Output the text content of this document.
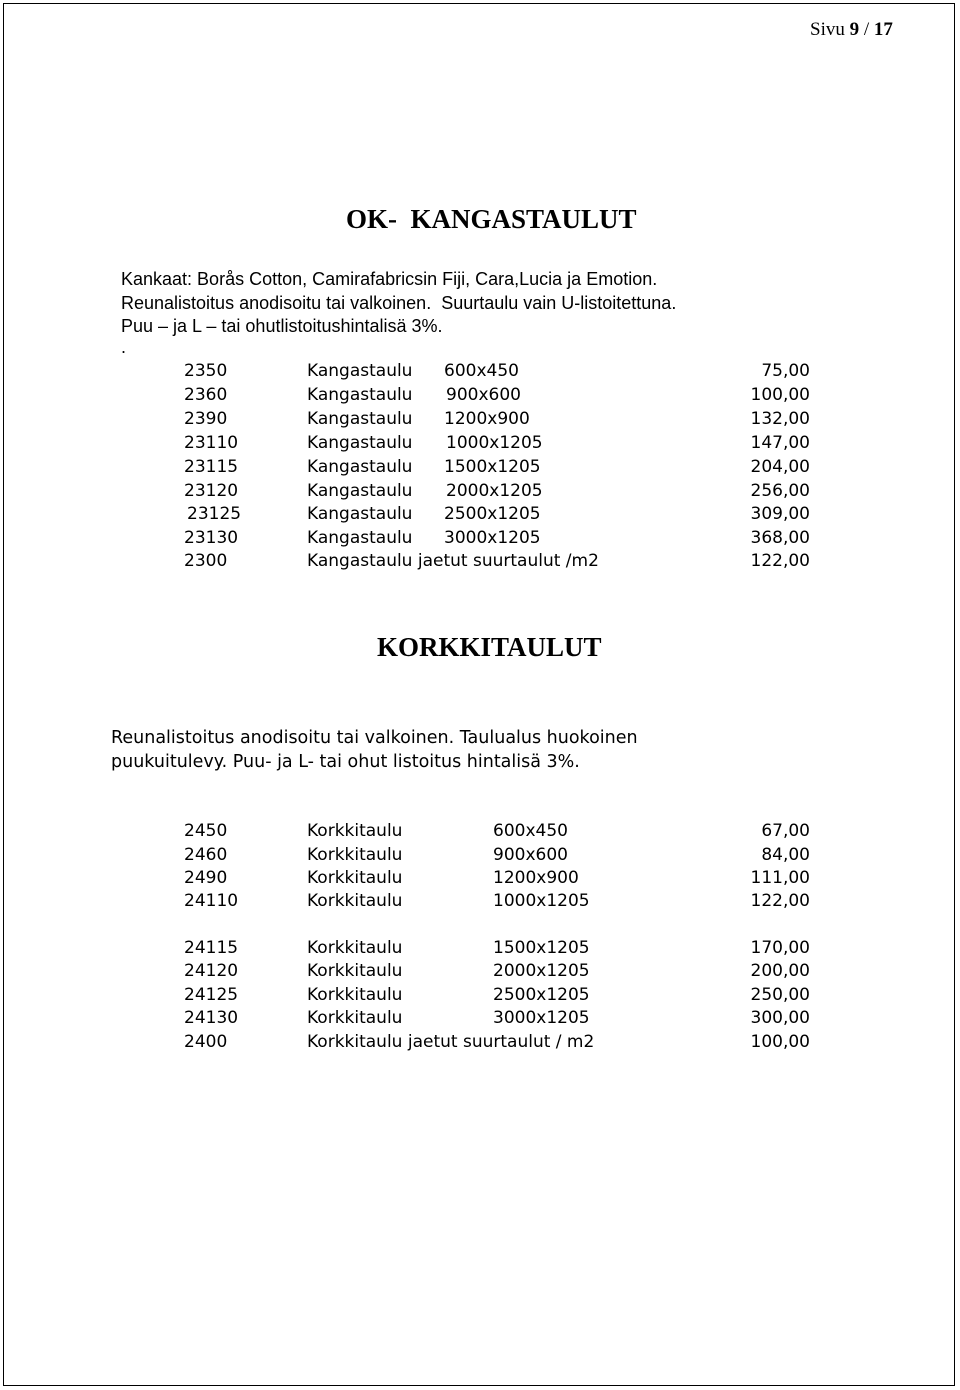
Sivu 9 / 17
OK-  KANGASTAULUT
Kankaat: Borås Cotton, Camirafabricsin Fiji, Cara,Lucia ja Emotion.
Reunalistoitus anodisoitu tai valkoinen.  Suurtaulu vain U-listoitettuna.
Puu – ja L – tai ohutlistoitushintalisä 3%.
.
2350	Kangastaulu 600x450	75,00
2360	Kangastaulu 900x600	100,00
2390	Kangastaulu 1200x900	132,00
23110	Kangastaulu 1000x1205	147,00
23115	Kangastaulu 1500x1205	204,00
23120	Kangastaulu 2000x1205	256,00
23125	Kangastaulu 2500x1205	309,00
23130	Kangastaulu 3000x1205	368,00
2300	Kangastaulu jaetut suurtaulut /m2	122,00
KORKKITAULUT
Reunalistoitus anodisoitu tai valkoinen. Taulualus huokoinen
puukuitulevy. Puu- ja L- tai ohut listoitus hintalisä 3%.
2450	Korkkitaulu	600x450	67,00
2460	Korkkitaulu	900x600	84,00
2490	Korkkitaulu	1200x900	111,00
24110	Korkkitaulu	1000x1205	122,00
24115	Korkkitaulu	1500x1205	170,00
24120	Korkkitaulu	2000x1205	200,00
24125	Korkkitaulu	2500x1205	250,00
24130	Korkkitaulu	3000x1205	300,00
2400	Korkkitaulu jaetut suurtaulut / m2	100,00
